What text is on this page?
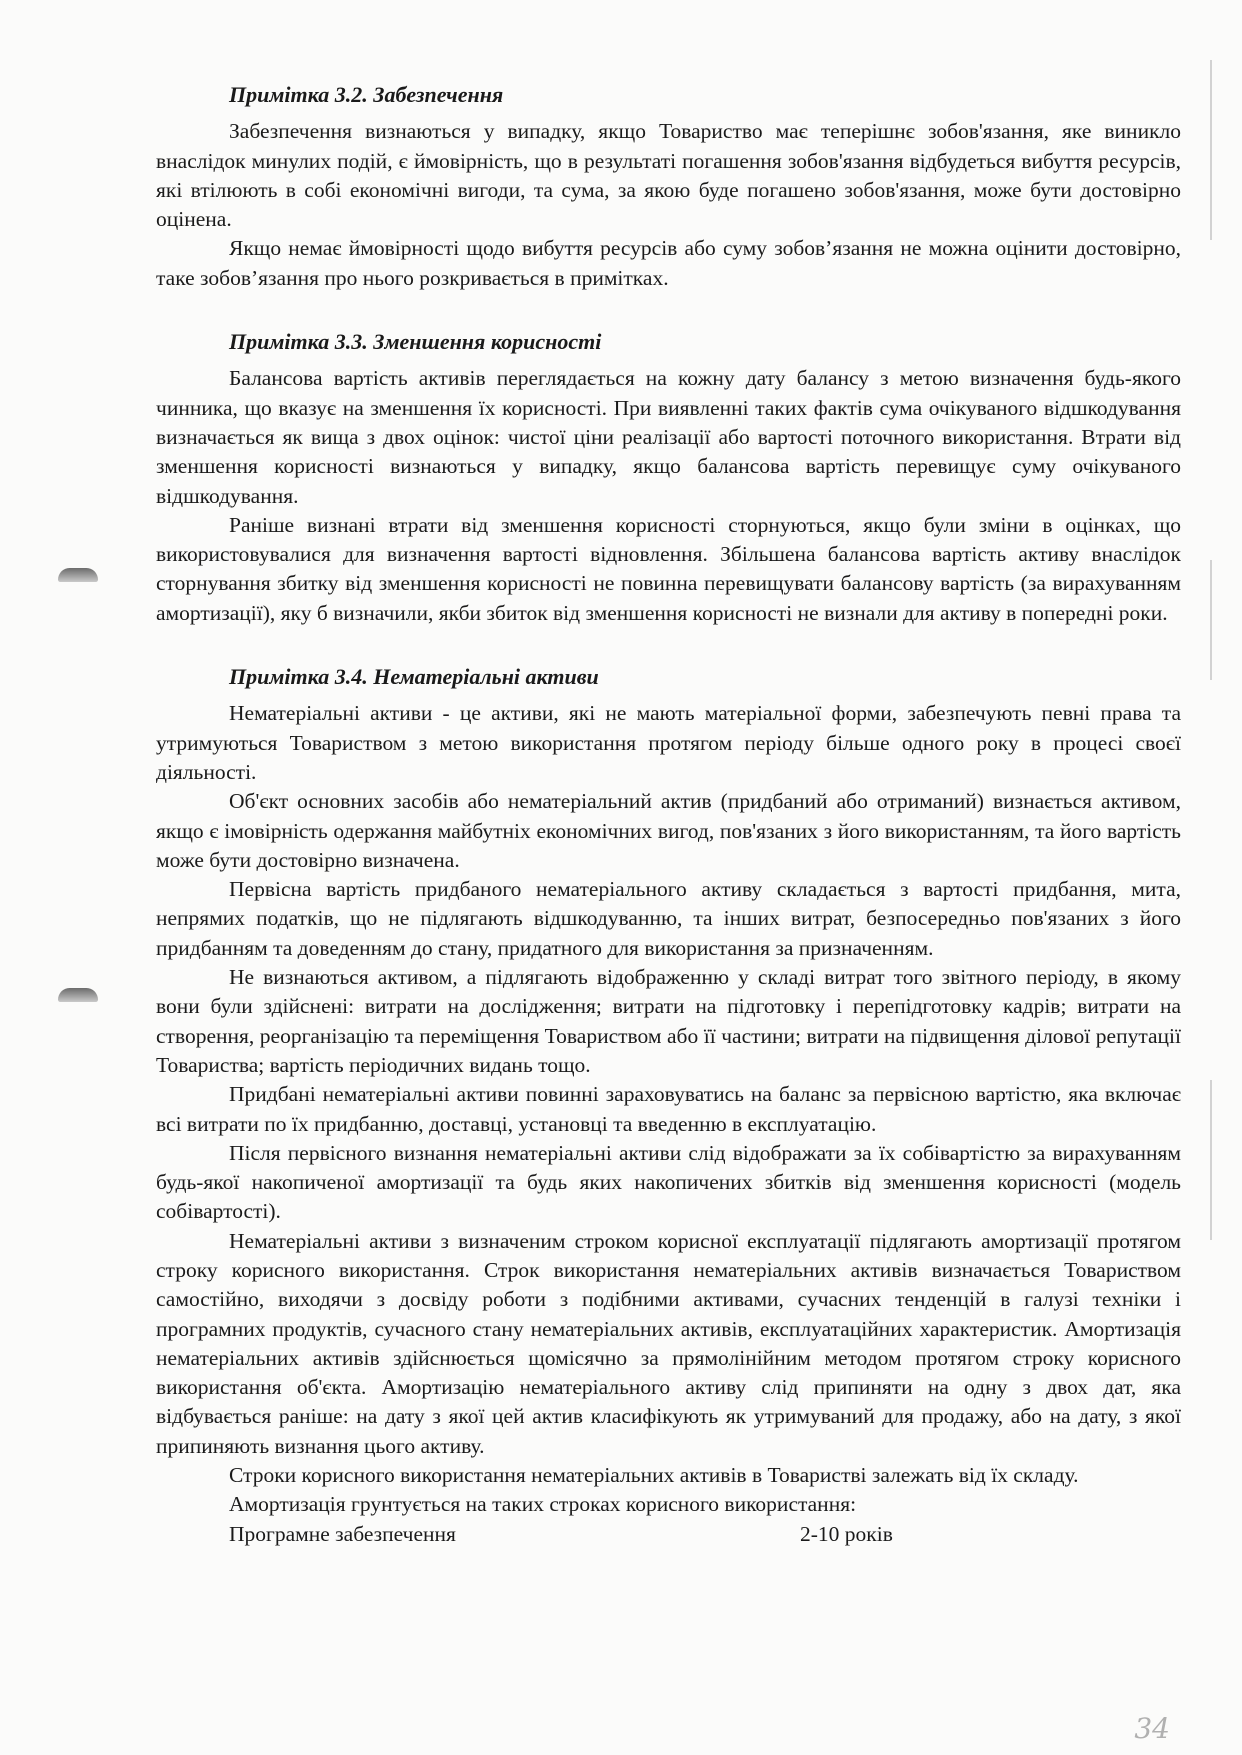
Примітка 3.2. Забезпечення

Забезпечення визнаються у випадку, якщо Товариство має теперішнє зобов'язання, яке виникло внаслідок минулих подій, є ймовірність, що в результаті погашення зобов'язання відбудеться вибуття ресурсів, які втілюють в собі економічні вигоди, та сума, за якою буде погашено зобов'язання, може бути достовірно оцінена.

Якщо немає ймовірності щодо вибуття ресурсів або суму зобов’язання не можна оцінити достовірно, таке зобов’язання про нього розкривається в примітках.

Примітка 3.3. Зменшення корисності

Балансова вартість активів переглядається на кожну дату балансу з метою визначення будь-якого чинника, що вказує на зменшення їх корисності. При виявленні таких фактів сума очікуваного відшкодування визначається як вища з двох оцінок: чистої ціни реалізації або вартості поточного використання. Втрати від зменшення корисності визнаються у випадку, якщо балансова вартість перевищує суму очікуваного відшкодування.

Раніше визнані втрати від зменшення корисності сторнуються, якщо були зміни в оцінках, що використовувалися для визначення вартості відновлення. Збільшена балансова вартість активу внаслідок сторнування збитку від зменшення корисності не повинна перевищувати балансову вартість (за вирахуванням амортизації), яку б визначили, якби збиток від зменшення корисності не визнали для активу в попередні роки.

Примітка 3.4. Нематеріальні активи

Нематеріальні активи - це активи, які не мають матеріальної форми, забезпечують певні права та утримуються Товариством з метою використання протягом періоду більше одного року в процесі своєї діяльності.

Об'єкт основних засобів або нематеріальний актив (придбаний або отриманий) визнається активом, якщо є імовірність одержання майбутніх економічних вигод, пов'язаних з його використанням, та його вартість може бути достовірно визначена.

Первісна вартість придбаного нематеріального активу складається з вартості придбання, мита, непрямих податків, що не підлягають відшкодуванню, та інших витрат, безпосередньо пов'язаних з його придбанням та доведенням до стану, придатного для використання за призначенням.

Не визнаються активом, а підлягають відображенню у складі витрат того звітного періоду, в якому вони були здійснені: витрати на дослідження; витрати на підготовку і перепідготовку кадрів; витрати на створення, реорганізацію та переміщення Товариством або її частини; витрати на підвищення ділової репутації Товариства; вартість періодичних видань тощо.

Придбані нематеріальні активи повинні зараховуватись на баланс за первісною вартістю, яка включає всі витрати по їх придбанню, доставці, установці та введенню в експлуатацію.

Після первісного визнання нематеріальні активи слід відображати за їх собівартістю за вирахуванням будь-якої накопиченої амортизації та будь яких накопичених збитків від зменшення корисності (модель собівартості).

Нематеріальні активи з визначеним строком корисної експлуатації підлягають амортизації протягом строку корисного використання. Строк використання нематеріальних активів визначається Товариством самостійно, виходячи з досвіду роботи з подібними активами, сучасних тенденцій в галузі техніки і програмних продуктів, сучасного стану нематеріальних активів, експлуатаційних характеристик. Амортизація нематеріальних активів здійснюється щомісячно за прямолінійним методом протягом строку корисного використання об'єкта. Амортизацію нематеріального активу слід припиняти на одну з двох дат, яка відбувається раніше: на дату з якої цей актив класифікують як утримуваний для продажу, або на дату, з якої припиняють визнання цього активу.

Строки корисного використання нематеріальних активів в Товаристві залежать від їх складу.

Амортизація грунтується на таких строках корисного використання:

Програмне забезпечення	2-10 років
34
